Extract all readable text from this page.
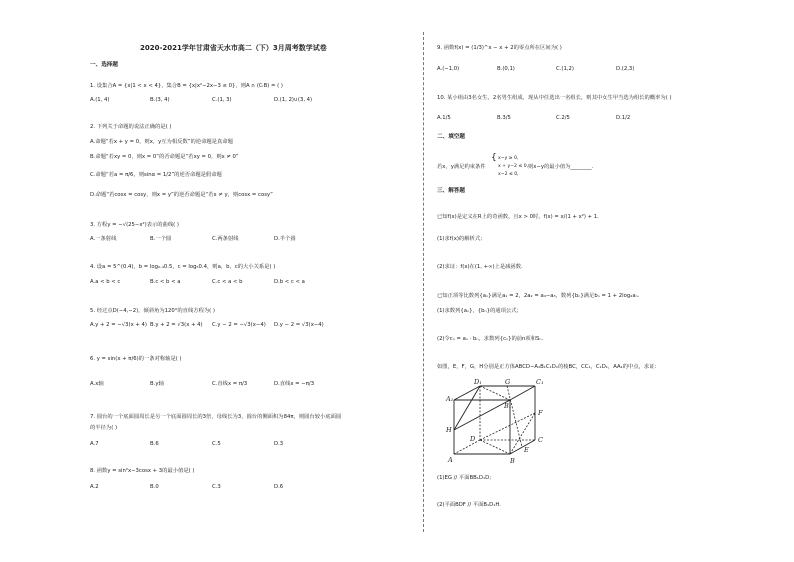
2020-2021学年甘肃省天水市高二（下）3月周考数学试卷
一、选择题
1. 设集合A = {x|1 < x < 4}，集合B = {x|x²−2x−3 ≤ 0}，则A ∩ (∁ᵣB) = ( )
A.(1, 4)	B.(3, 4)	C.(1, 3)	D.(1, 2)∪(3, 4)
2. 下列关于命题的说法正确的是( )
A.命题“若x + y = 0，则x，y互为相反数”的逆命题是真命题
B.命题“若xy = 0，则x = 0”的否命题是“若xy = 0，则x ≠ 0”
C.命题“若a = π/6，则sinα = 1/2”的逆否命题是假命题
D.命题“若cosx = cosy，则x = y”的逆否命题是“若x ≠ y，则cosx = cosy”
3. 方程y = −√(25−x²)表示的曲线( )
A.一条射线	B.一个圆	C.两条射线	D.半个圆
4. 设a = 5^(0.4)，b = log₀.₄0.5，c = log₅0.4，则a，b，c的大小关系是( )
A.a < b < c	B.c < b < a	C.c < a < b	D.b < c < a
5. 经过点D(−4,−2)，倾斜角为120°的直线方程为( )
A.y + 2 = −√3(x + 4) B.y + 2 = √3(x + 4) C.y − 2 = −√3(x−4) D.y − 2 = √3(x−4)
6. y = sin(x + π/6)的一条对称轴是( )
A.x轴	B.y轴	C.直线x = π/3	D.直线x = −π/3
7. 圆台的一个底面圆周长是另一个底面圆周长的3倍，母线长为3，圆台的侧面积为84π，则圆台较小底面圆
的半径为( )
A.7	B.6	C.5	D.3
8. 函数y = sin²x−3cosx + 3的最小值是( )
A.2	B.0	C.3	D.6
9. 函数f(x) = (1/3)^x − x + 2的零点所在区间为( )
A.(−1,0)	B.(0,1)	C.(1,2)	D.(2,3)
10. 某小组由3名女生、2名男生组成，现从中任选出一名组长，则其中女生甲当选为组长的概率为( )
A.1/5	B.3/5	C.2/5	D.1/2
二、填空题
若x，y满足约束条件
{ x−y ≥ 0,
x + y−2 ≤ 0,
x−2 ≤ 0,
则x−y的最小值为________.
三、解答题
已知f(x)是定义在R上的奇函数，且x > 0时，f(x) = x/(1 + x²) + 1.
(1)求f(x)的解析式；
(2)求证：f(x)在(1, +∞)上是减函数.
已知正项等比数列{aₙ}满足a₁ = 2，2a₂ = a₄−a₃，数列{bₙ}满足bₙ = 1 + 2log₂aₙ.
(1)求数列{aₙ}，{bₙ}的通项公式；
(2)令cₙ = aₙ · bₙ，求数列{cₙ}的前n项和Sₙ.
如图，E，F，G，H分别是正方体ABCD−A₁B₁C₁D₁的棱BC，CC₁，C₁D₁，AA₁的中点，求证：
D₁	C₁
A₁
B₁
G
H
F
D	C
A	B
E
(1)EG // 平面BB₁D₁D；
(2)平面BDF // 平面B₁D₁H.
